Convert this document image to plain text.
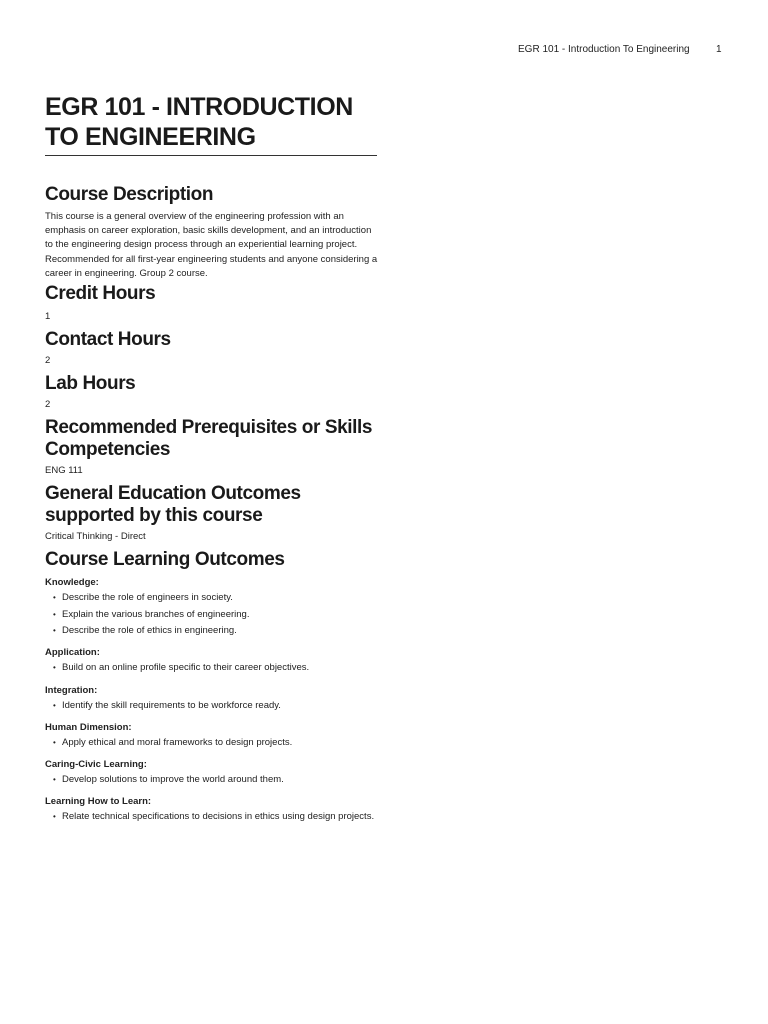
EGR 101 - Introduction To Engineering	1
EGR 101 - INTRODUCTION TO ENGINEERING
Course Description

This course is a general overview of the engineering profession with an emphasis on career exploration, basic skills development, and an introduction to the engineering design process through an experiential learning project. Recommended for all first-year engineering students and anyone considering a career in engineering. Group 2 course.

Credit Hours

1

Contact Hours

2

Lab Hours

2

Recommended Prerequisites or Skills Competencies

ENG 111

General Education Outcomes supported by this course

Critical Thinking - Direct

Course Learning Outcomes

Knowledge:

• Describe the role of engineers in society.
• Explain the various branches of engineering.
• Describe the role of ethics in engineering.

Application:

• Build on an online profile specific to their career objectives.

Integration:

• Identify the skill requirements to be workforce ready.

Human Dimension:

• Apply ethical and moral frameworks to design projects.

Caring-Civic Learning:

• Develop solutions to improve the world around them.

Learning How to Learn:

• Relate technical specifications to decisions in ethics using design projects.
